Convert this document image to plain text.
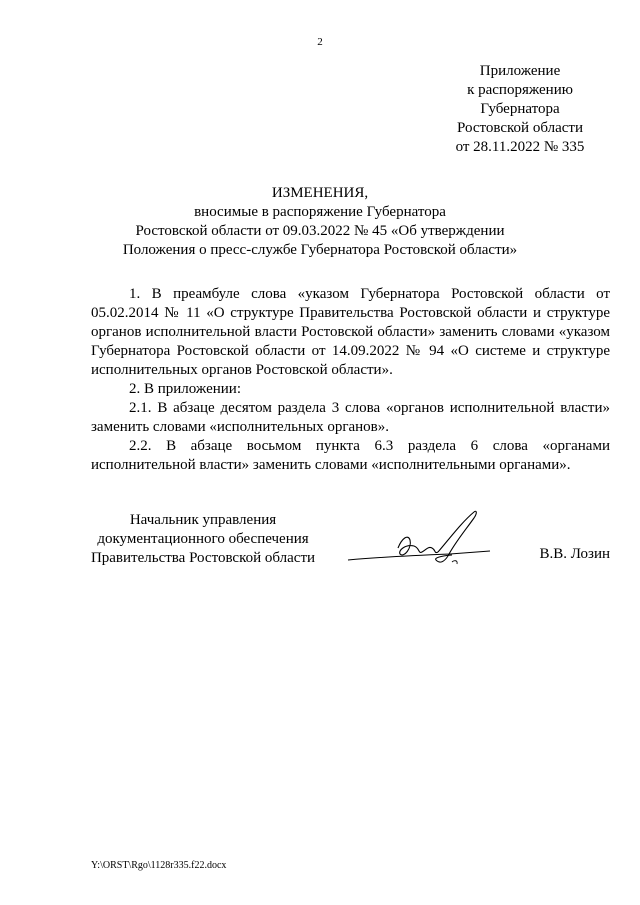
2
Приложение
к распоряжению
Губернатора
Ростовской области
от 28.11.2022 № 335
ИЗМЕНЕНИЯ,
вносимые в распоряжение Губернатора
Ростовской области от 09.03.2022 № 45 «Об утверждении
Положения о пресс-службе Губернатора Ростовской области»

1. В преамбуле слова «указом Губернатора Ростовской области от 05.02.2014 № 11 «О структуре Правительства Ростовской области и структуре органов исполнительной власти Ростовской области» заменить словами «указом Губернатора Ростовской области от 14.09.2022 № 94 «О системе и структуре исполнительных органов Ростовской области».

2. В приложении:

2.1. В абзаце десятом раздела 3 слова «органов исполнительной власти» заменить словами «исполнительных органов».

2.2. В абзаце восьмом пункта 6.3 раздела 6 слова «органами исполнительной власти» заменить словами «исполнительными органами».

Начальник управления
документационного обеспечения
Правительства Ростовской области	В.В. Лозин
Y:\ORST\Rgo\1128r335.f22.docx
